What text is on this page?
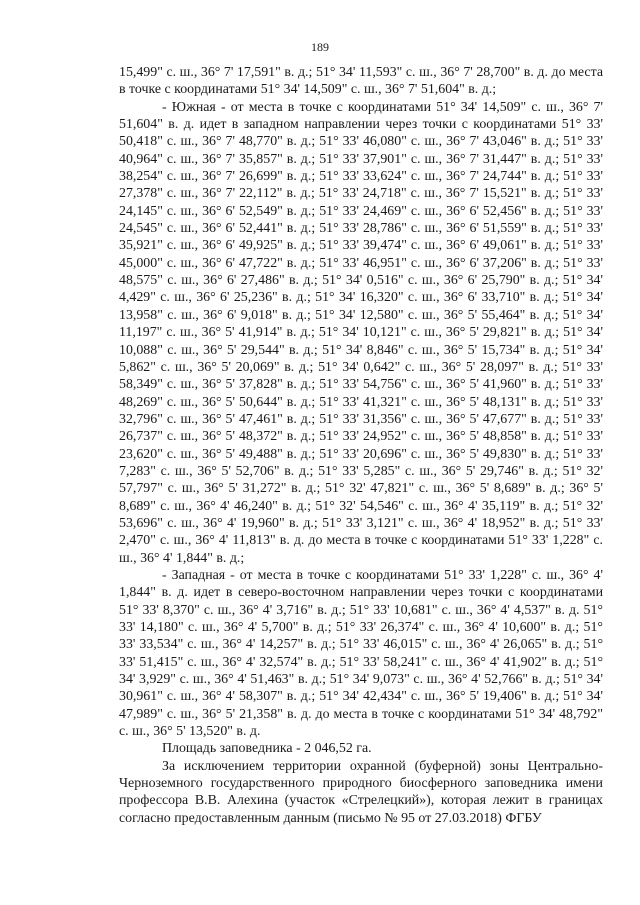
189

15,499" с. ш., 36° 7' 17,591" в. д.; 51° 34' 11,593" с. ш., 36° 7' 28,700" в. д. до места в точке с координатами 51° 34' 14,509" с. ш., 36° 7' 51,604" в. д.;

- Южная - от места в точке с координатами 51° 34' 14,509" с. ш., 36° 7' 51,604" в. д. идет в западном направлении через точки с координатами 51° 33' 50,418" с. ш., 36° 7' 48,770" в. д.; 51° 33' 46,080" с. ш., 36° 7' 43,046" в. д.; 51° 33' 40,964" с. ш., 36° 7' 35,857" в. д.; 51° 33' 37,901" с. ш., 36° 7' 31,447" в. д.; 51° 33' 38,254" с. ш., 36° 7' 26,699" в. д.; 51° 33' 33,624" с. ш., 36° 7' 24,744" в. д.; 51° 33' 27,378" с. ш., 36° 7' 22,112" в. д.; 51° 33' 24,718" с. ш., 36° 7' 15,521" в. д.; 51° 33' 24,145" с. ш., 36° 6' 52,549" в. д.; 51° 33' 24,469" с. ш., 36° 6' 52,456" в. д.; 51° 33' 24,545" с. ш., 36° 6' 52,441" в. д.; 51° 33' 28,786" с. ш., 36° 6' 51,559" в. д.; 51° 33' 35,921" с. ш., 36° 6' 49,925" в. д.; 51° 33' 39,474" с. ш., 36° 6' 49,061" в. д.; 51° 33' 45,000" с. ш., 36° 6' 47,722" в. д.; 51° 33' 46,951" с. ш., 36° 6' 37,206" в. д.; 51° 33' 48,575" с. ш., 36° 6' 27,486" в. д.; 51° 34' 0,516" с. ш., 36° 6' 25,790" в. д.; 51° 34' 4,429" с. ш., 36° 6' 25,236" в. д.; 51° 34' 16,320" с. ш., 36° 6' 33,710" в. д.; 51° 34' 13,958" с. ш., 36° 6' 9,018" в. д.; 51° 34' 12,580" с. ш., 36° 5' 55,464" в. д.; 51° 34' 11,197" с. ш., 36° 5' 41,914" в. д.; 51° 34' 10,121" с. ш., 36° 5' 29,821" в. д.; 51° 34' 10,088" с. ш., 36° 5' 29,544" в. д.; 51° 34' 8,846" с. ш., 36° 5' 15,734" в. д.; 51° 34' 5,862" с. ш., 36° 5' 20,069" в. д.; 51° 34' 0,642" с. ш., 36° 5' 28,097" в. д.; 51° 33' 58,349" с. ш., 36° 5' 37,828" в. д.; 51° 33' 54,756" с. ш., 36° 5' 41,960" в. д.; 51° 33' 48,269" с. ш., 36° 5' 50,644" в. д.; 51° 33' 41,321" с. ш., 36° 5' 48,131" в. д.; 51° 33' 32,796" с. ш., 36° 5' 47,461" в. д.; 51° 33' 31,356" с. ш., 36° 5' 47,677" в. д.; 51° 33' 26,737" с. ш., 36° 5' 48,372" в. д.; 51° 33' 24,952" с. ш., 36° 5' 48,858" в. д.; 51° 33' 23,620" с. ш., 36° 5' 49,488" в. д.; 51° 33' 20,696" с. ш., 36° 5' 49,830" в. д.; 51° 33' 7,283" с. ш., 36° 5' 52,706" в. д.; 51° 33' 5,285" с. ш., 36° 5' 29,746" в. д.; 51° 32' 57,797" с. ш., 36° 5' 31,272" в. д.; 51° 32' 47,821" с. ш., 36° 5' 8,689" в. д.; 36° 5' 8,689" с. ш., 36° 4' 46,240" в. д.; 51° 32' 54,546" с. ш., 36° 4' 35,119" в. д.; 51° 32' 53,696" с. ш., 36° 4' 19,960" в. д.; 51° 33' 3,121" с. ш., 36° 4' 18,952" в. д.; 51° 33' 2,470" с. ш., 36° 4' 11,813" в. д. до места в точке с координатами 51° 33' 1,228" с. ш., 36° 4' 1,844" в. д.;

- Западная - от места в точке с координатами 51° 33' 1,228" с. ш., 36° 4' 1,844" в. д. идет в северо-восточном направлении через точки с координатами 51° 33' 8,370" с. ш., 36° 4' 3,716" в. д.; 51° 33' 10,681" с. ш., 36° 4' 4,537" в. д. 51° 33' 14,180" с. ш., 36° 4' 5,700" в. д.; 51° 33' 26,374" с. ш., 36° 4' 10,600" в. д.; 51° 33' 33,534" с. ш., 36° 4' 14,257" в. д.; 51° 33' 46,015" с. ш., 36° 4' 26,065" в. д.; 51° 33' 51,415" с. ш., 36° 4' 32,574" в. д.; 51° 33' 58,241" с. ш., 36° 4' 41,902" в. д.; 51° 34' 3,929" с. ш., 36° 4' 51,463" в. д.; 51° 34' 9,073" с. ш., 36° 4' 52,766" в. д.; 51° 34' 30,961" с. ш., 36° 4' 58,307" в. д.; 51° 34' 42,434" с. ш., 36° 5' 19,406" в. д.; 51° 34' 47,989" с. ш., 36° 5' 21,358" в. д. до места в точке с координатами 51° 34' 48,792" с. ш., 36° 5' 13,520" в. д.

Площадь заповедника - 2 046,52 га.

За исключением территории охранной (буферной) зоны Центрально-Черноземного государственного природного биосферного заповедника имени профессора В.В. Алехина (участок «Стрелецкий»), которая лежит в границах согласно предоставленным данным (письмо № 95 от 27.03.2018) ФГБУ
